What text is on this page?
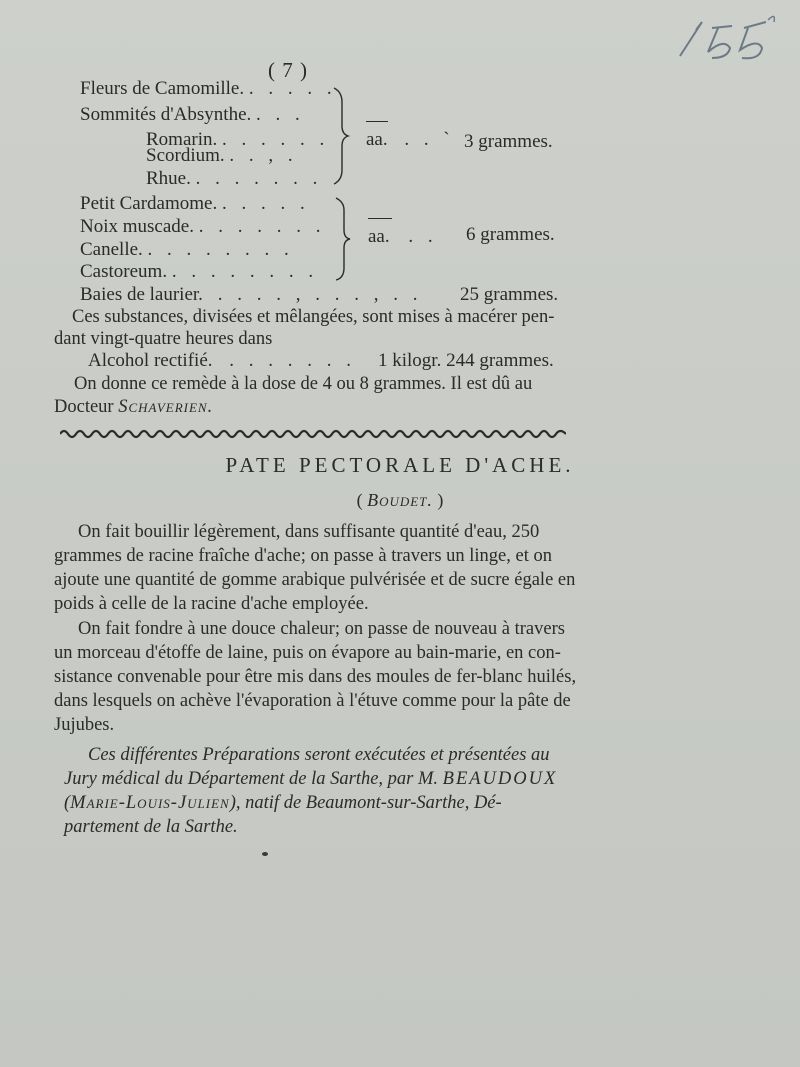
( 7 )
Fleurs de Camomille. . . . . .
Sommités d'Absynthe. . . .
Romarin. . . . . . .
Scordium. . . , .
Rhue. . . . . . . .
aa. . . ` 3 grammes.
Petit Cardamome. . . . . .
Noix muscade. . . . . . . .
Canelle. . . . . . . . .
Castoreum. . . . . . . . .
aa. . . 6 grammes.
Baies de laurier. . . . . , . . . , . . 25 grammes.
Ces substances, divisées et mêlangées, sont mises à macérer pen-
dant vingt-quatre heures dans
Alcohol rectifié. . . . . . . . 1 kilogr. 244 grammes.
On donne ce remède à la dose de 4 ou 8 grammes. Il est dû au
Docteur Schaverien.
PATE PECTORALE D'ACHE.
( Boudet. )
On fait bouillir légèrement, dans suffisante quantité d'eau, 250
grammes de racine fraîche d'ache; on passe à travers un linge, et on
ajoute une quantité de gomme arabique pulvérisée et de sucre égale en
poids à celle de la racine d'ache employée.
On fait fondre à une douce chaleur; on passe de nouveau à travers
un morceau d'étoffe de laine, puis on évapore au bain-marie, en con-
sistance convenable pour être mis dans des moules de fer-blanc huilés,
dans lesquels on achève l'évaporation à l'étuve comme pour la pâte de
Jujubes.
Ces différentes Préparations seront exécutées et présentées au
Jury médical du Département de la Sarthe, par M. BEAUDOUX
(Marie-Louis-Julien), natif de Beaumont-sur-Sarthe, Dé-
partement de la Sarthe.
